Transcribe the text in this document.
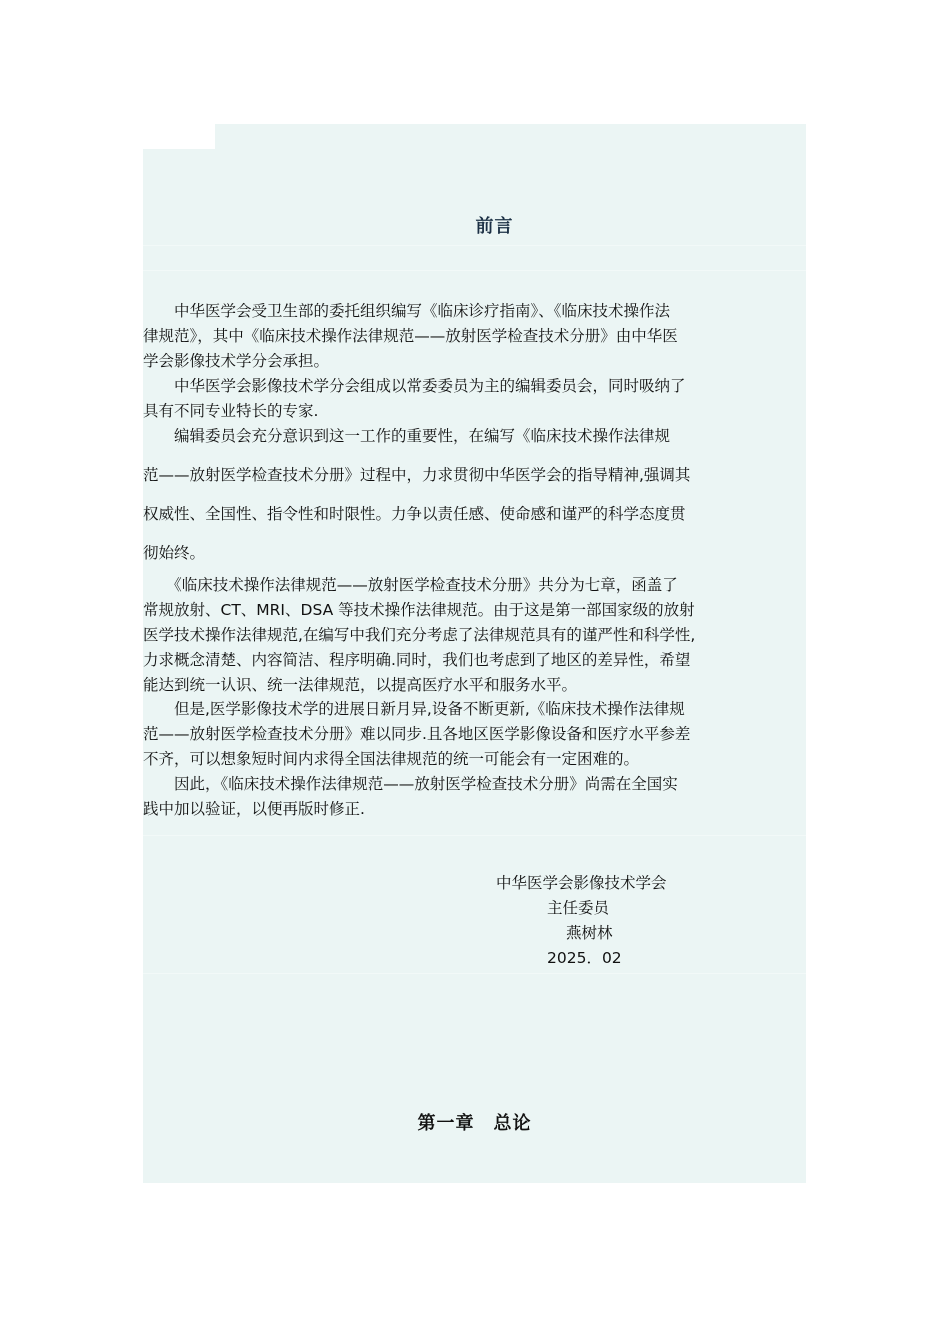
前言
　　中华医学会受卫生部的委托组织编写《临床诊疗指南》、《临床技术操作法
律规范》，其中《临床技术操作法律规范——放射医学检查技术分册》由中华医
学会影像技术学分会承担。
　　中华医学会影像技术学分会组成以常委委员为主的编辑委员会，同时吸纳了
具有不同专业特长的专家.
　　编辑委员会充分意识到这一工作的重要性，在编写《临床技术操作法律规
范——放射医学检查技术分册》过程中，力求贯彻中华医学会的指导精神,强调其
权威性、全国性、指令性和时限性。力争以责任感、使命感和谨严的科学态度贯
彻始终。
　　《临床技术操作法律规范——放射医学检查技术分册》共分为七章，函盖了
常规放射、CT、MRI、DSA 等技术操作法律规范。由于这是第一部国家级的放射
医学技术操作法律规范,在编写中我们充分考虑了法律规范具有的谨严性和科学性,
力求概念清楚、内容简洁、程序明确.同时，我们也考虑到了地区的差异性，希望
能达到统一认识、统一法律规范，以提高医疗水平和服务水平。
　　但是,医学影像技术学的进展日新月异,设备不断更新,《临床技术操作法律规
范——放射医学检查技术分册》难以同步.且各地区医学影像设备和医疗水平参差
不齐，可以想象短时间内求得全国法律规范的统一可能会有一定困难的。
　　因此，《临床技术操作法律规范——放射医学检查技术分册》尚需在全国实
践中加以验证，以便再版时修正.
中华医学会影像技术学会
主任委员
燕树林
2025．02
第一章　总论
